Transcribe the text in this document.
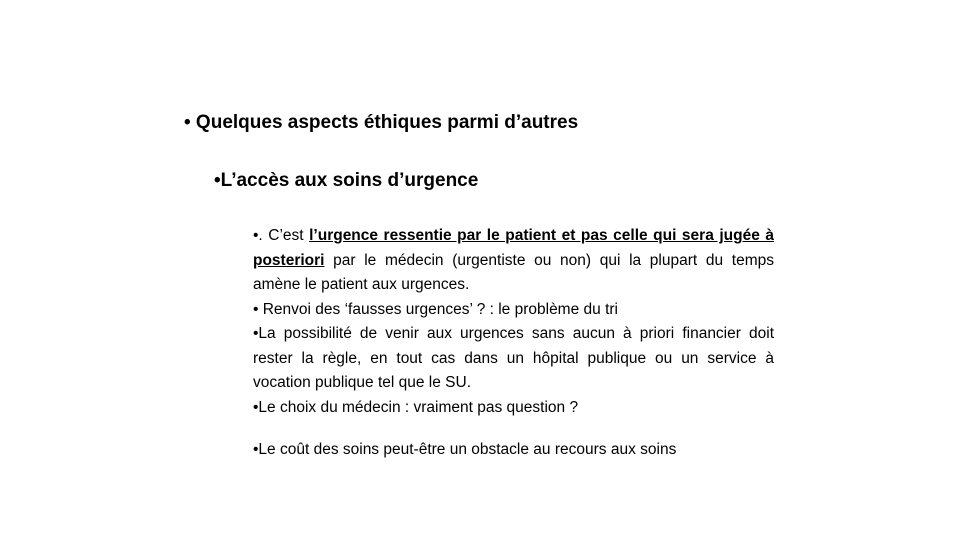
• Quelques aspects éthiques parmi d’autres
•L’accès aux soins d’urgence

•. C’est l’urgence ressentie par le patient et pas celle qui sera jugée à posteriori par le médecin (urgentiste ou non) qui la plupart du temps amène le patient aux urgences.

• Renvoi des ‘fausses urgences’ ? : le problème du tri

•La possibilité de venir aux urgences sans aucun à priori financier doit rester la règle, en tout cas dans un hôpital publique ou un service à vocation publique tel que le SU.

•Le choix du médecin : vraiment pas question ?

•Le coût des soins peut-être un obstacle au recours aux soins
